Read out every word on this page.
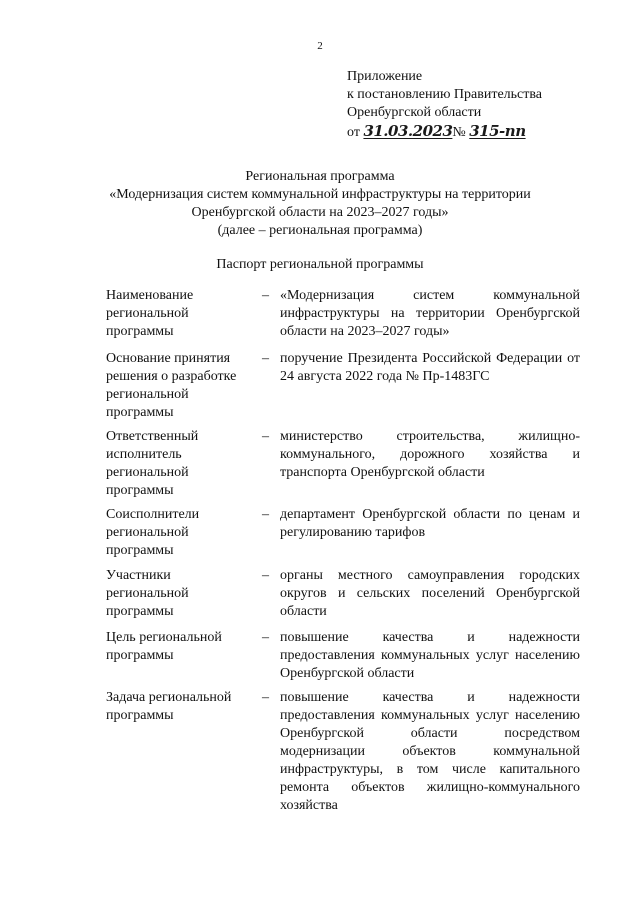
2
Приложение
к постановлению Правительства
Оренбургской области
от 31.03.2023№ 315-пп
Региональная программа
«Модернизация систем коммунальной инфраструктуры на территории
Оренбургской области на 2023–2027 годы»
(далее – региональная программа)
Паспорт региональной программы
Наименование региональной программы
– «Модернизация систем коммунальной инфраструктуры на территории Оренбургской области на 2023–2027 годы»
Основание принятия решения о разработке региональной программы
– поручение Президента Российской Федерации от 24 августа 2022 года № Пр-1483ГС
Ответственный исполнитель региональной программы
– министерство строительства, жилищно-коммунального, дорожного хозяйства и транспорта Оренбургской области
Соисполнители региональной программы
– департамент Оренбургской области по ценам и регулированию тарифов
Участники региональной программы
– органы местного самоуправления городских округов и сельских поселений Оренбургской области
Цель региональной программы
– повышение качества и надежности предоставления коммунальных услуг населению Оренбургской области
Задача региональной программы
– повышение качества и надежности предоставления коммунальных услуг населению Оренбургской области посредством модернизации объектов коммунальной инфраструктуры, в том числе капитального ремонта объектов жилищно-коммунального хозяйства
